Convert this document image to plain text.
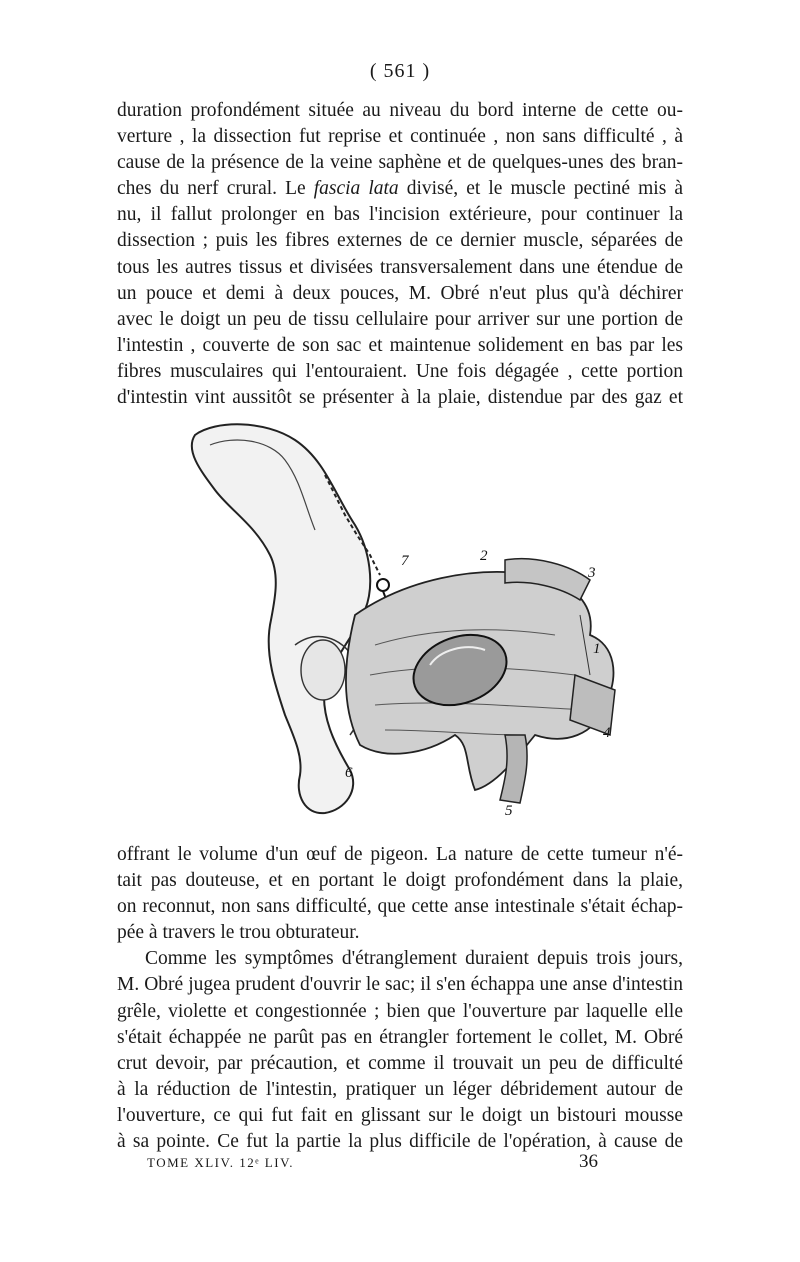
( 561 )
duration profondément située au niveau du bord interne de cette ou-
verture , la dissection fut reprise et continuée , non sans difficulté , à
cause de la présence de la veine saphène et de quelques-unes des bran-
ches du nerf crural. Le fascia lata divisé, et le muscle pectiné mis à
nu, il fallut prolonger en bas l'incision extérieure, pour continuer la
dissection ; puis les fibres externes de ce dernier muscle, séparées de
tous les autres tissus et divisées transversalement dans une étendue de
un pouce et demi à deux pouces, M. Obré n'eut plus qu'à déchirer
avec le doigt un peu de tissu cellulaire pour arriver sur une portion de
l'intestin , couverte de son sac et maintenue solidement en bas par les
fibres musculaires qui l'entouraient. Une fois dégagée , cette portion
d'intestin vint aussitôt se présenter à la plaie, distendue par des gaz et
7	2
3
1
4
6
5
offrant le volume d'un œuf de pigeon. La nature de cette tumeur n'é-
tait pas douteuse, et en portant le doigt profondément dans la plaie,
on reconnut, non sans difficulté, que cette anse intestinale s'était échap-
pée à travers le trou obturateur.
Comme les symptômes d'étranglement duraient depuis trois jours,
M. Obré jugea prudent d'ouvrir le sac; il s'en échappa une anse d'intestin
grêle, violette et congestionnée ; bien que l'ouverture par laquelle elle
s'était échappée ne parût pas en étrangler fortement le collet, M. Obré
crut devoir, par précaution, et comme il trouvait un peu de difficulté
à la réduction de l'intestin, pratiquer un léger débridement autour de
l'ouverture, ce qui fut fait en glissant sur le doigt un bistouri mousse
à sa pointe. Ce fut la partie la plus difficile de l'opération, à cause de
TOME XLIV. 12ᵉ LIV.	36
